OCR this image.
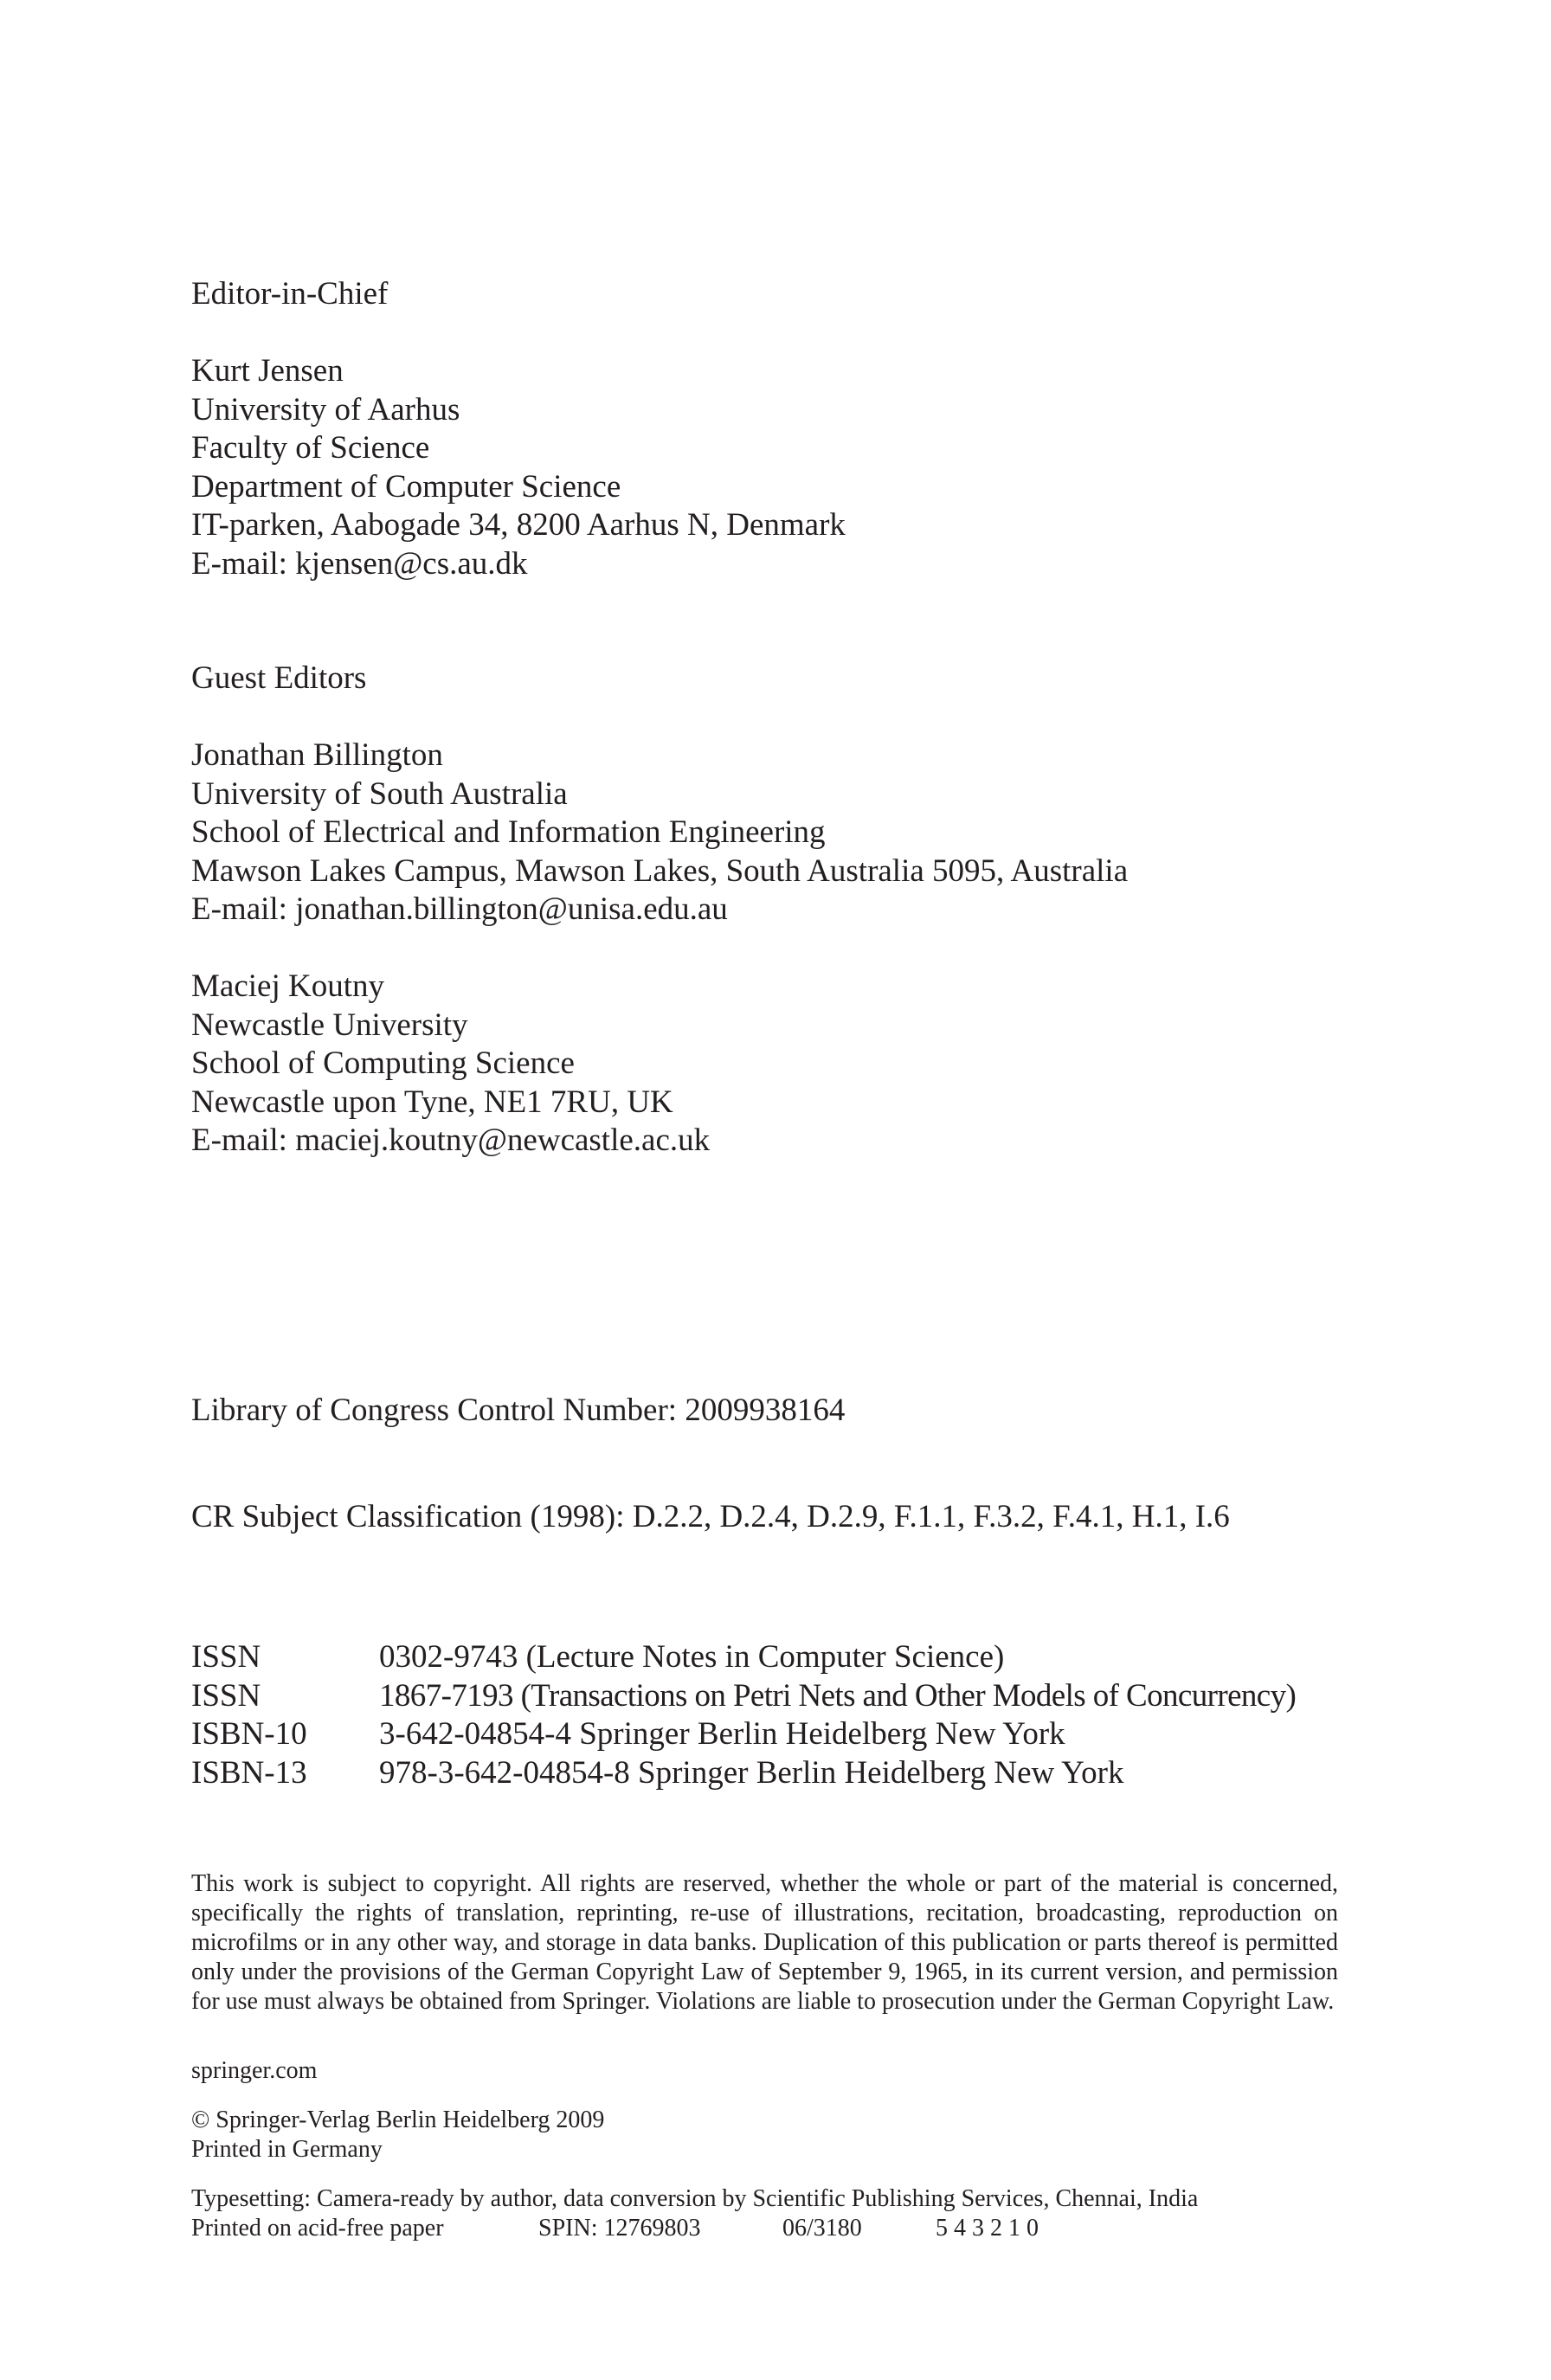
Editor-in-Chief
Kurt Jensen
University of Aarhus
Faculty of Science
Department of Computer Science
IT-parken, Aabogade 34, 8200 Aarhus N, Denmark
E-mail: kjensen@cs.au.dk
Guest Editors
Jonathan Billington
University of South Australia
School of Electrical and Information Engineering
Mawson Lakes Campus, Mawson Lakes, South Australia 5095, Australia
E-mail: jonathan.billington@unisa.edu.au
Maciej Koutny
Newcastle University
School of Computing Science
Newcastle upon Tyne, NE1 7RU, UK
E-mail: maciej.koutny@newcastle.ac.uk
Library of Congress Control Number: 2009938164
CR Subject Classification (1998): D.2.2, D.2.4, D.2.9, F.1.1, F.3.2, F.4.1, H.1, I.6
ISSN	0302-9743 (Lecture Notes in Computer Science)
ISSN	1867-7193 (Transactions on Petri Nets and Other Models of Concurrency)
ISBN-10	3-642-04854-4 Springer Berlin Heidelberg New York
ISBN-13	978-3-642-04854-8 Springer Berlin Heidelberg New York
This work is subject to copyright. All rights are reserved, whether the whole or part of the material is concerned, specifically the rights of translation, reprinting, re-use of illustrations, recitation, broadcasting, reproduction on microfilms or in any other way, and storage in data banks. Duplication of this publication or parts thereof is permitted only under the provisions of the German Copyright Law of September 9, 1965, in its current version, and permission for use must always be obtained from Springer. Violations are liable to prosecution under the German Copyright Law.
springer.com
© Springer-Verlag Berlin Heidelberg 2009
Printed in Germany
Typesetting: Camera-ready by author, data conversion by Scientific Publishing Services, Chennai, India
Printed on acid-free paper	SPIN: 12769803	06/3180	5 4 3 2 1 0
